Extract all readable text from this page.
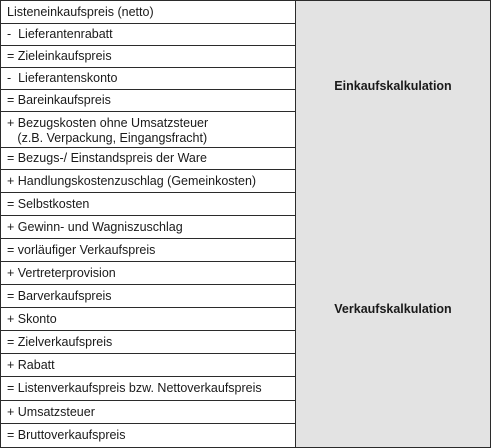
Listeneinkaufspreis (netto)
-  Lieferantenrabatt
= Zieleinkaufspreis
-  Lieferantenskonto
= Bareinkaufspreis
+ Bezugskosten ohne Umsatzsteuer
(z.B. Verpackung, Eingangsfracht)
= Bezugs-/ Einstandspreis der Ware
+ Handlungskostenzuschlag (Gemeinkosten)
= Selbstkosten
+ Gewinn- und Wagniszuschlag
= vorläufiger Verkaufspreis
+ Vertreterprovision
= Barverkaufspreis
+ Skonto
= Zielverkaufspreis
+ Rabatt
= Listenverkaufspreis bzw. Nettoverkaufspreis
+ Umsatzsteuer
= Bruttoverkaufspreis
Einkaufskalkulation
Verkaufskalkulation
